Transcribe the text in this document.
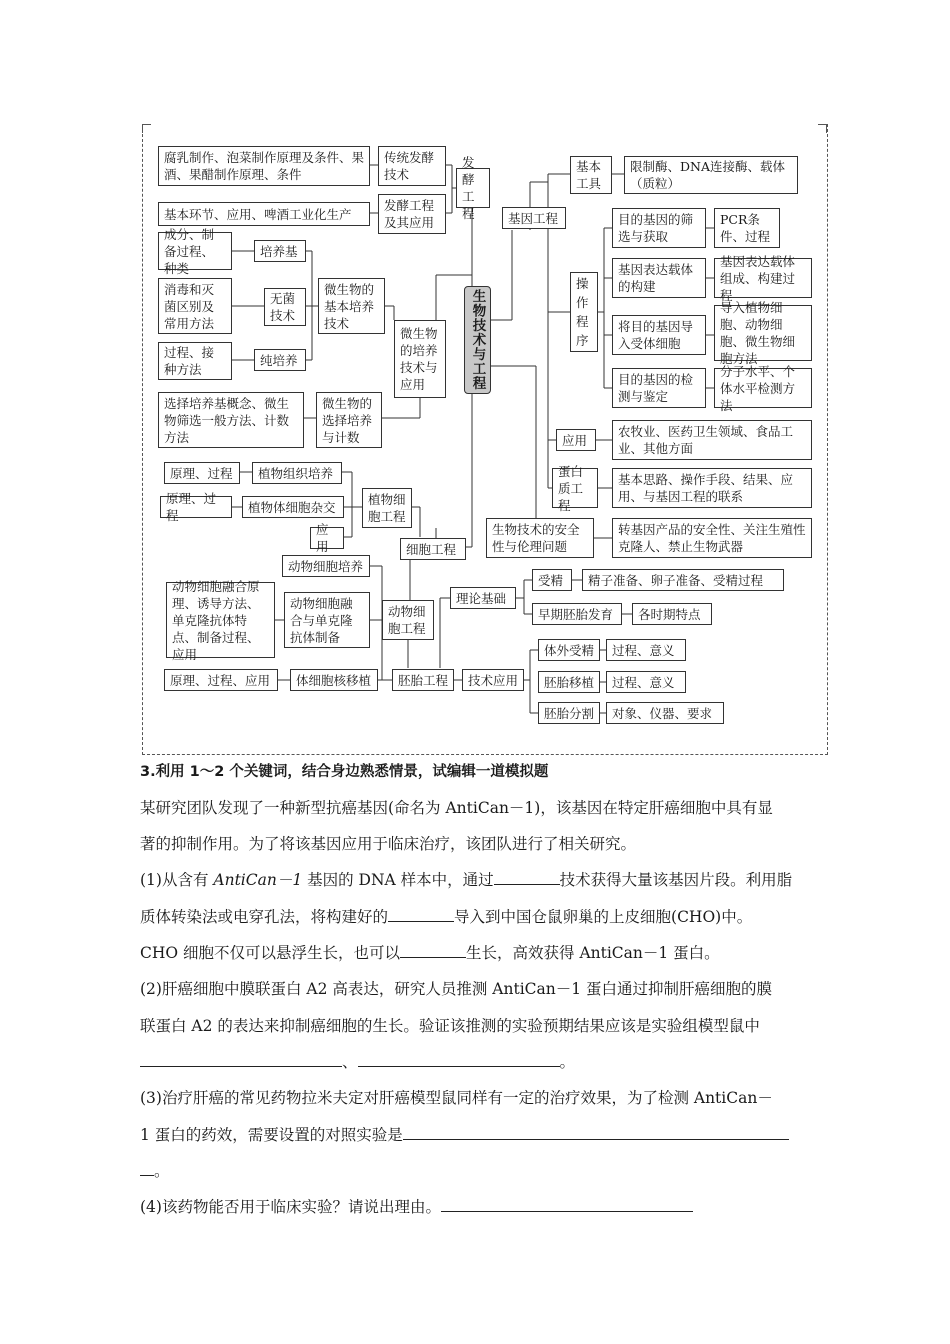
生物技术与工程
腐乳制作、泡菜制作原理及条件、果酒、果醋制作原理、条件
传统发酵技术
基本环节、应用、啤酒工业化生产
发酵工程及其应用
发酵工程
成分、制备过程、种类
培养基
消毒和灭菌区别及常用方法
无菌技术
微生物的基本培养技术
过程、接种方法
纯培养
微生物的培养技术与应用
选择培养基概念、微生物筛选一般方法、计数方法
微生物的选择培养与计数
原理、过程	植物组织培养
原理、过程
植物体细胞杂交	植物细胞工程
应用	细胞工程
动物细胞培养
动物细胞融合原理、诱导方法、单克隆抗体特点、制备过程、应用
动物细胞融合与单克隆抗体制备
动物细胞工程
原理、过程、应用	体细胞核移植	胚胎工程	技术应用
理论基础
受精	精子准备、卵子准备、受精过程
早期胚胎发育	各时期特点
体外受精	过程、意义
胚胎移植	过程、意义
胚胎分割	对象、仪器、要求
基因工程
基本工具
限制酶、DNA连接酶、载体（质粒）
操作程序
目的基因的筛选与获取
PCR条件、过程
基因表达载体的构建
基因表达载体组成、构建过程
将目的基因导入受体细胞
导入植物细胞、动物细胞、微生物细胞方法
目的基因的检测与鉴定
分子水平、个体水平检测方法
应用
农牧业、医药卫生领域、食品工业、其他方面
蛋白质工程
基本思路、操作手段、结果、应用、与基因工程的联系
生物技术的安全性与伦理问题
转基因产品的安全性、关注生殖性克隆人、禁止生物武器
3.利用 1～2 个关键词，结合身边熟悉情景，试编辑一道模拟题
某研究团队发现了一种新型抗癌基因(命名为 AntiCan－1)，该基因在特定肝癌细胞中具有显
著的抑制作用。为了将该基因应用于临床治疗，该团队进行了相关研究。
(1)从含有 AntiCan－1 基因的 DNA 样本中，通过	技术获得大量该基因片段。利用脂
质体转染法或电穿孔法，将构建好的	导入到中国仓鼠卵巢的上皮细胞(CHO)中。
CHO 细胞不仅可以悬浮生长，也可以	生长，高效获得 AntiCan－1 蛋白。
(2)肝癌细胞中膜联蛋白 A2 高表达，研究人员推测 AntiCan－1 蛋白通过抑制肝癌细胞的膜
联蛋白 A2 的表达来抑制癌细胞的生长。验证该推测的实验预期结果应该是实验组模型鼠中
、	。
(3)治疗肝癌的常见药物拉米夫定对肝癌模型鼠同样有一定的治疗效果，为了检测 AntiCan－
1 蛋白的药效，需要设置的对照实验是
。
(4)该药物能否用于临床实验？请说出理由。
